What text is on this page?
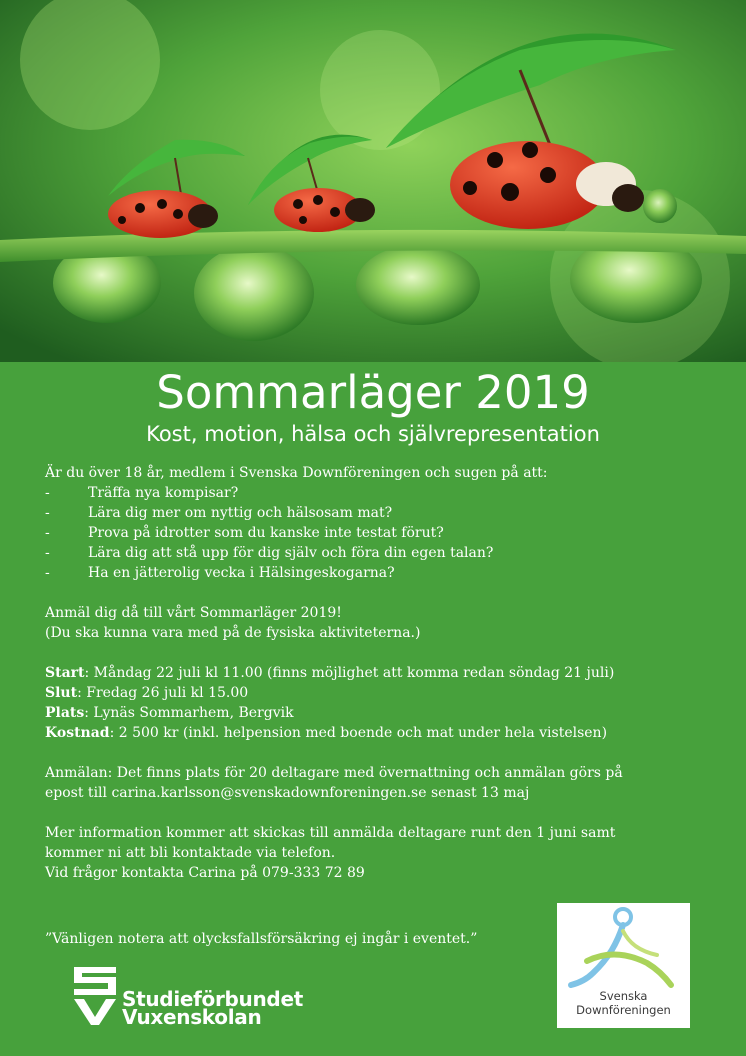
Sommarläger 2019
Kost, motion, hälsa och självrepresentation

Är du över 18 år, medlem i Svenska Downföreningen och sugen på att:

-	Träffa nya kompisar?
-	Lära dig mer om nyttig och hälsosam mat?
-	Prova på idrotter som du kanske inte testat förut?
-	Lära dig att stå upp för dig själv och föra din egen talan?
-	Ha en jätterolig vecka i Hälsingeskogarna?

Anmäl dig då till vårt Sommarläger 2019!

(Du ska kunna vara med på de fysiska aktiviteterna.)

Start: Måndag 22 juli kl 11.00 (finns möjlighet att komma redan söndag 21 juli)

Slut: Fredag 26 juli kl 15.00

Plats: Lynäs Sommarhem, Bergvik

Kostnad: 2 500 kr (inkl. helpension med boende och mat under hela vistelsen)

Anmälan: Det finns plats för 20 deltagare med övernattning och anmälan görs på

epost till carina.karlsson@svenskadownforeningen.se senast 13 maj

Mer information kommer att skickas till anmälda deltagare runt den 1 juni samt

kommer ni att bli kontaktade via telefon.

Vid frågor kontakta Carina på 079-333 72 89

”Vänligen notera att olycksfallsförsäkring ej ingår i eventet.”

Studieförbundet
Vuxenskolan
Svenska
Downföreningen
